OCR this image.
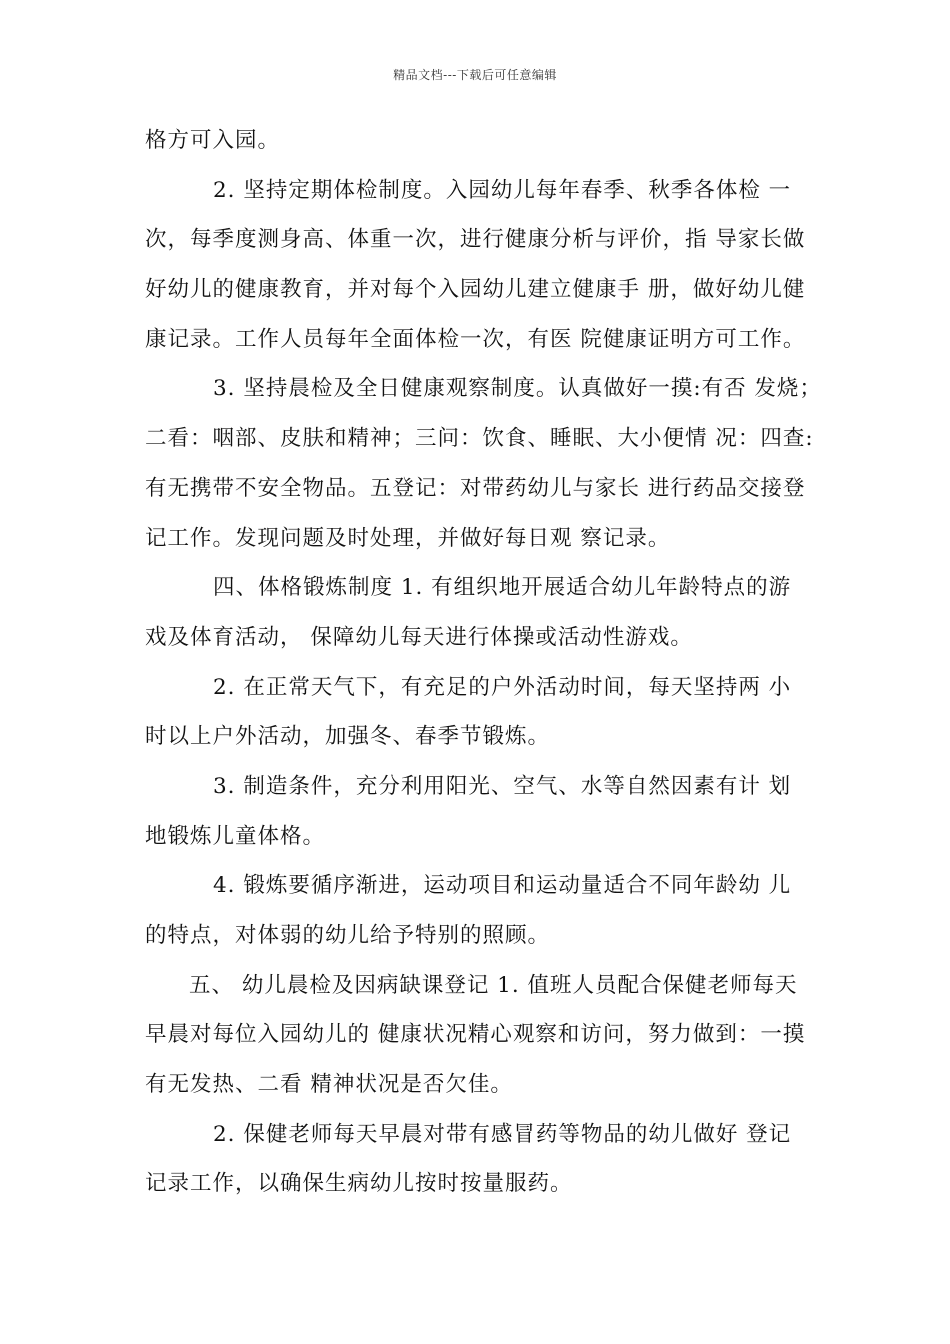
精品文档---下载后可任意编辑
格方可入园。
2. 坚持定期体检制度。入园幼儿每年春季、秋季各体检 一
次，每季度测身高、体重一次，进行健康分析与评价，指 导家长做
好幼儿的健康教育，并对每个入园幼儿建立健康手 册，做好幼儿健
康记录。工作人员每年全面体检一次，有医 院健康证明方可工作。
3. 坚持晨检及全日健康观察制度。认真做好一摸:有否 发烧；
二看：咽部、皮肤和精神；三问：饮食、睡眠、大小便情 况：四查:
有无携带不安全物品。五登记：对带药幼儿与家长 进行药品交接登
记工作。发现问题及时处理，并做好每日观 察记录。
四、体格锻炼制度 1. 有组织地开展适合幼儿年龄特点的游
戏及体育活动， 保障幼儿每天进行体操或活动性游戏。
2. 在正常天气下，有充足的户外活动时间，每天坚持两 小
时以上户外活动，加强冬、春季节锻炼。
3. 制造条件，充分利用阳光、空气、水等自然因素有计 划
地锻炼儿童体格。
4. 锻炼要循序渐进，运动项目和运动量适合不同年龄幼 儿
的特点，对体弱的幼儿给予特别的照顾。
五、 幼儿晨检及因病缺课登记 1. 值班人员配合保健老师每天
早晨对每位入园幼儿的 健康状况精心观察和访问，努力做到：一摸
有无发热、二看 精神状况是否欠佳。
2. 保健老师每天早晨对带有感冒药等物品的幼儿做好 登记
记录工作，以确保生病幼儿按时按量服药。
